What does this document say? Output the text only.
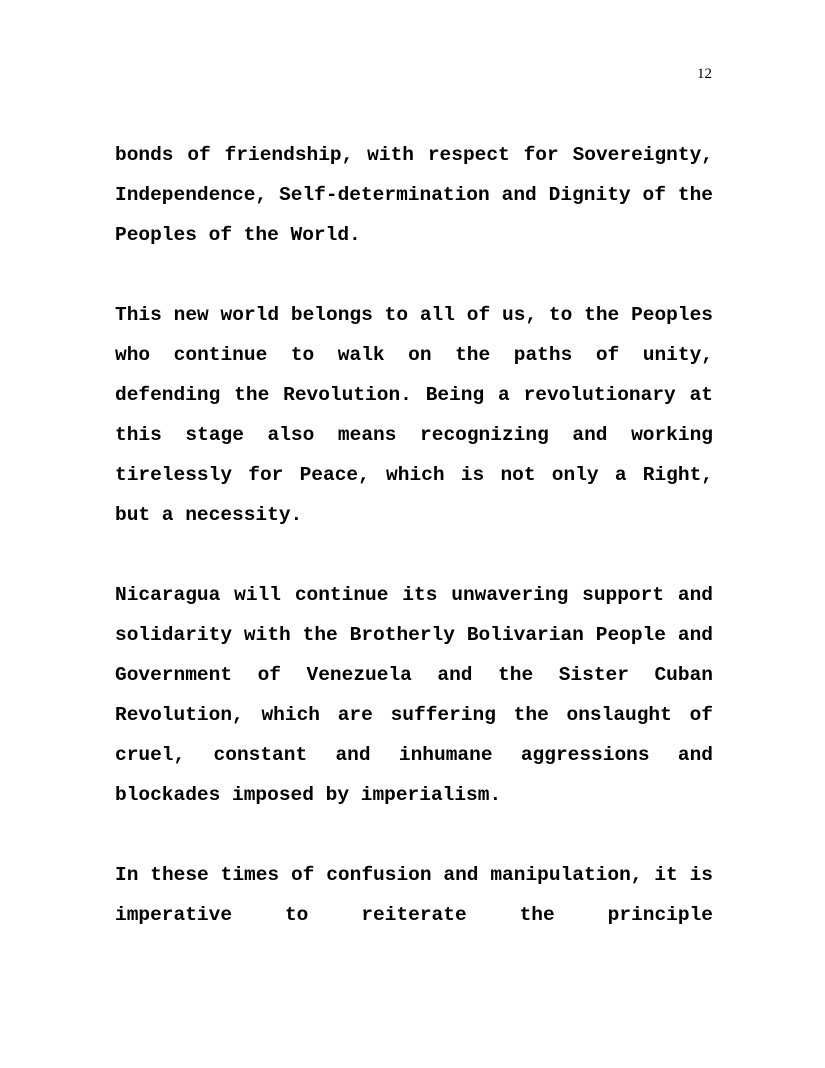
12

bonds of friendship, with respect for Sovereignty, Independence, Self-determination and Dignity of the Peoples of the World.

This new world belongs to all of us, to the Peoples who continue to walk on the paths of unity, defending the Revolution. Being a revolutionary at this stage also means recognizing and working tirelessly for Peace, which is not only a Right, but a necessity.

Nicaragua will continue its unwavering support and solidarity with the Brotherly Bolivarian People and Government of Venezuela and the Sister Cuban Revolution, which are suffering the onslaught of cruel, constant and inhumane aggressions and blockades imposed by imperialism.

In these times of confusion and manipulation, it is imperative to reiterate the principle
